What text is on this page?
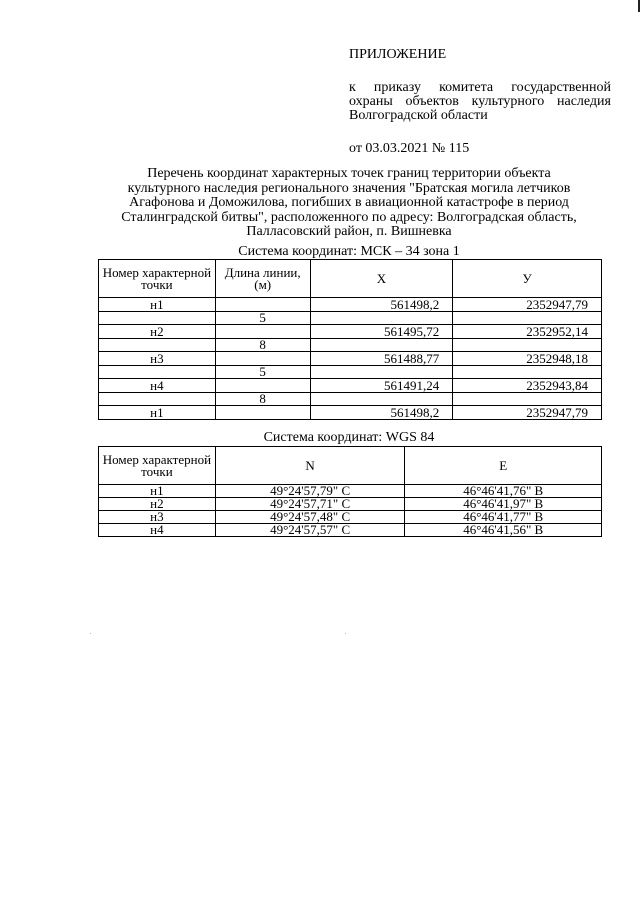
ПРИЛОЖЕНИЕ
к приказу комитета государственной охраны объектов культурного наследия Волгоградской области
от 03.03.2021 № 115
Перечень координат характерных точек границ территории объекта
культурного наследия регионального значения "Братская могила летчиков
Агафонова и Доможилова, погибших в авиационной катастрофе в период
Сталинградской битвы", расположенного по адресу: Волгоградская область,
Палласовский район, п. Вишневка
Система координат: МСК – 34 зона 1
Номер характерной точки	Длина линии, (м)	X	У
н1		561498,2	2352947,79
	5		
н2		561495,72	2352952,14
	8		
н3		561488,77	2352948,18
	5		
н4		561491,24	2352943,84
	8		
н1		561498,2	2352947,79
Система координат: WGS 84
Номер характерной точки	N	E
н1	49°24'57,79" С	46°46'41,76" В
н2	49°24'57,71" С	46°46'41,97" В
н3	49°24'57,48" С	46°46'41,77" В
н4	49°24'57,57" С	46°46'41,56" В
